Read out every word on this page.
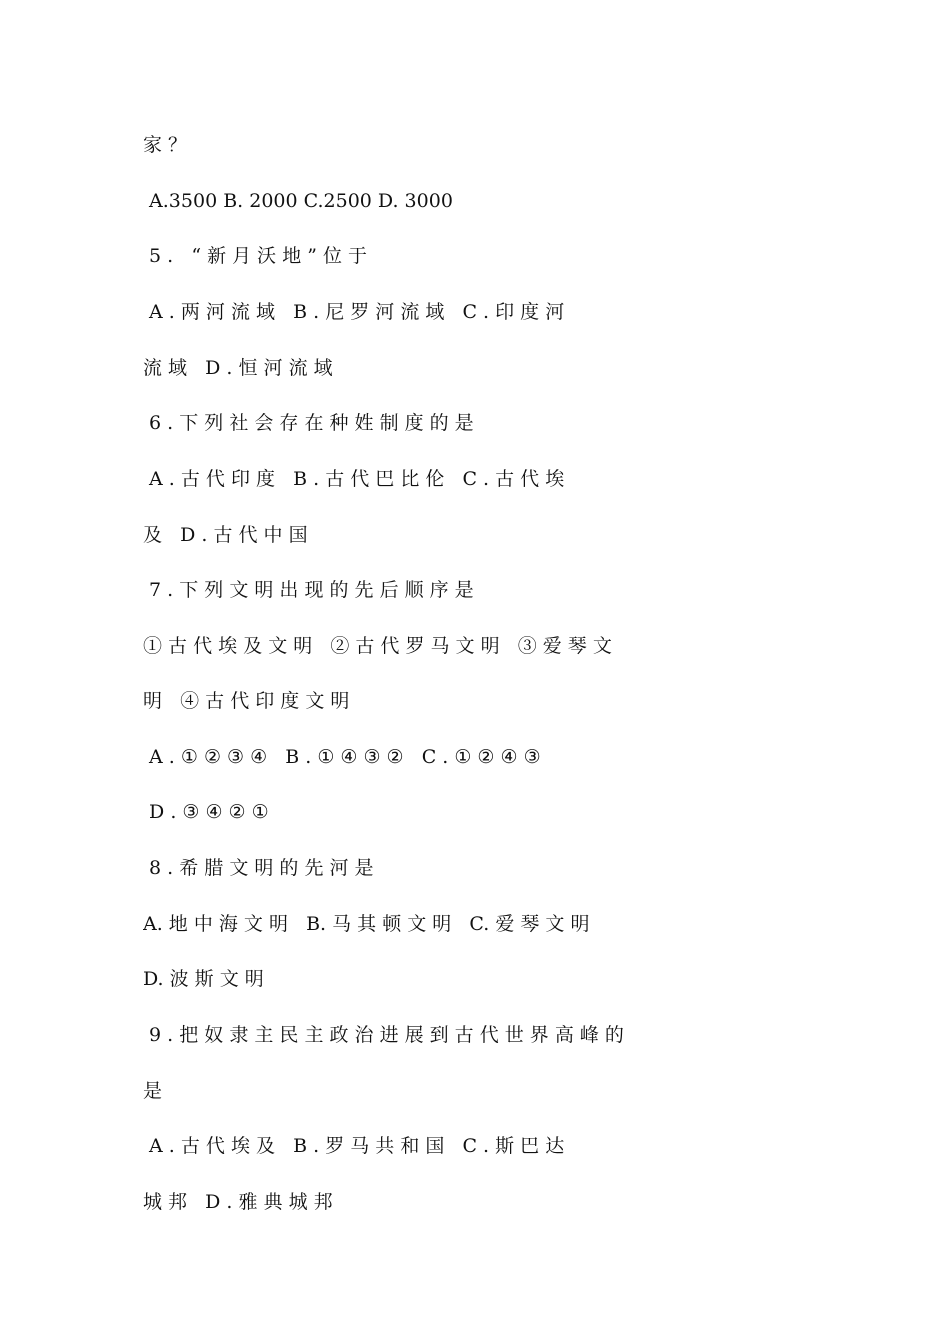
家 ？
A.3500 B. 2000 C.2500 D. 3000
5 .   “ 新 月 沃 地 ” 位 于
A . 两 河 流 域   B . 尼 罗 河 流 域   C . 印 度 河
流 域   D . 恒 河 流 域
6 . 下 列 社 会 存 在 种 姓 制 度 的 是
A . 古 代 印 度   B . 古 代 巴 比 伦   C . 古 代 埃
及   D . 古 代 中 国
7 . 下 列 文 明 出 现 的 先 后 顺 序 是
① 古 代 埃 及 文 明   ② 古 代 罗 马 文 明   ③ 爱 琴 文
明   ④ 古 代 印 度 文 明
A . ① ② ③ ④   B . ① ④ ③ ②   C . ① ② ④ ③
D . ③ ④ ② ①
8 . 希 腊 文 明 的 先 河 是
A. 地 中 海 文 明   B. 马 其 顿 文 明   C. 爱 琴 文 明
D. 波 斯 文 明
9 . 把 奴 隶 主 民 主 政 治 进 展 到 古 代 世 界 高 峰 的
是
A . 古 代 埃 及   B . 罗 马 共 和 国   C . 斯 巴 达
城 邦   D . 雅 典 城 邦
